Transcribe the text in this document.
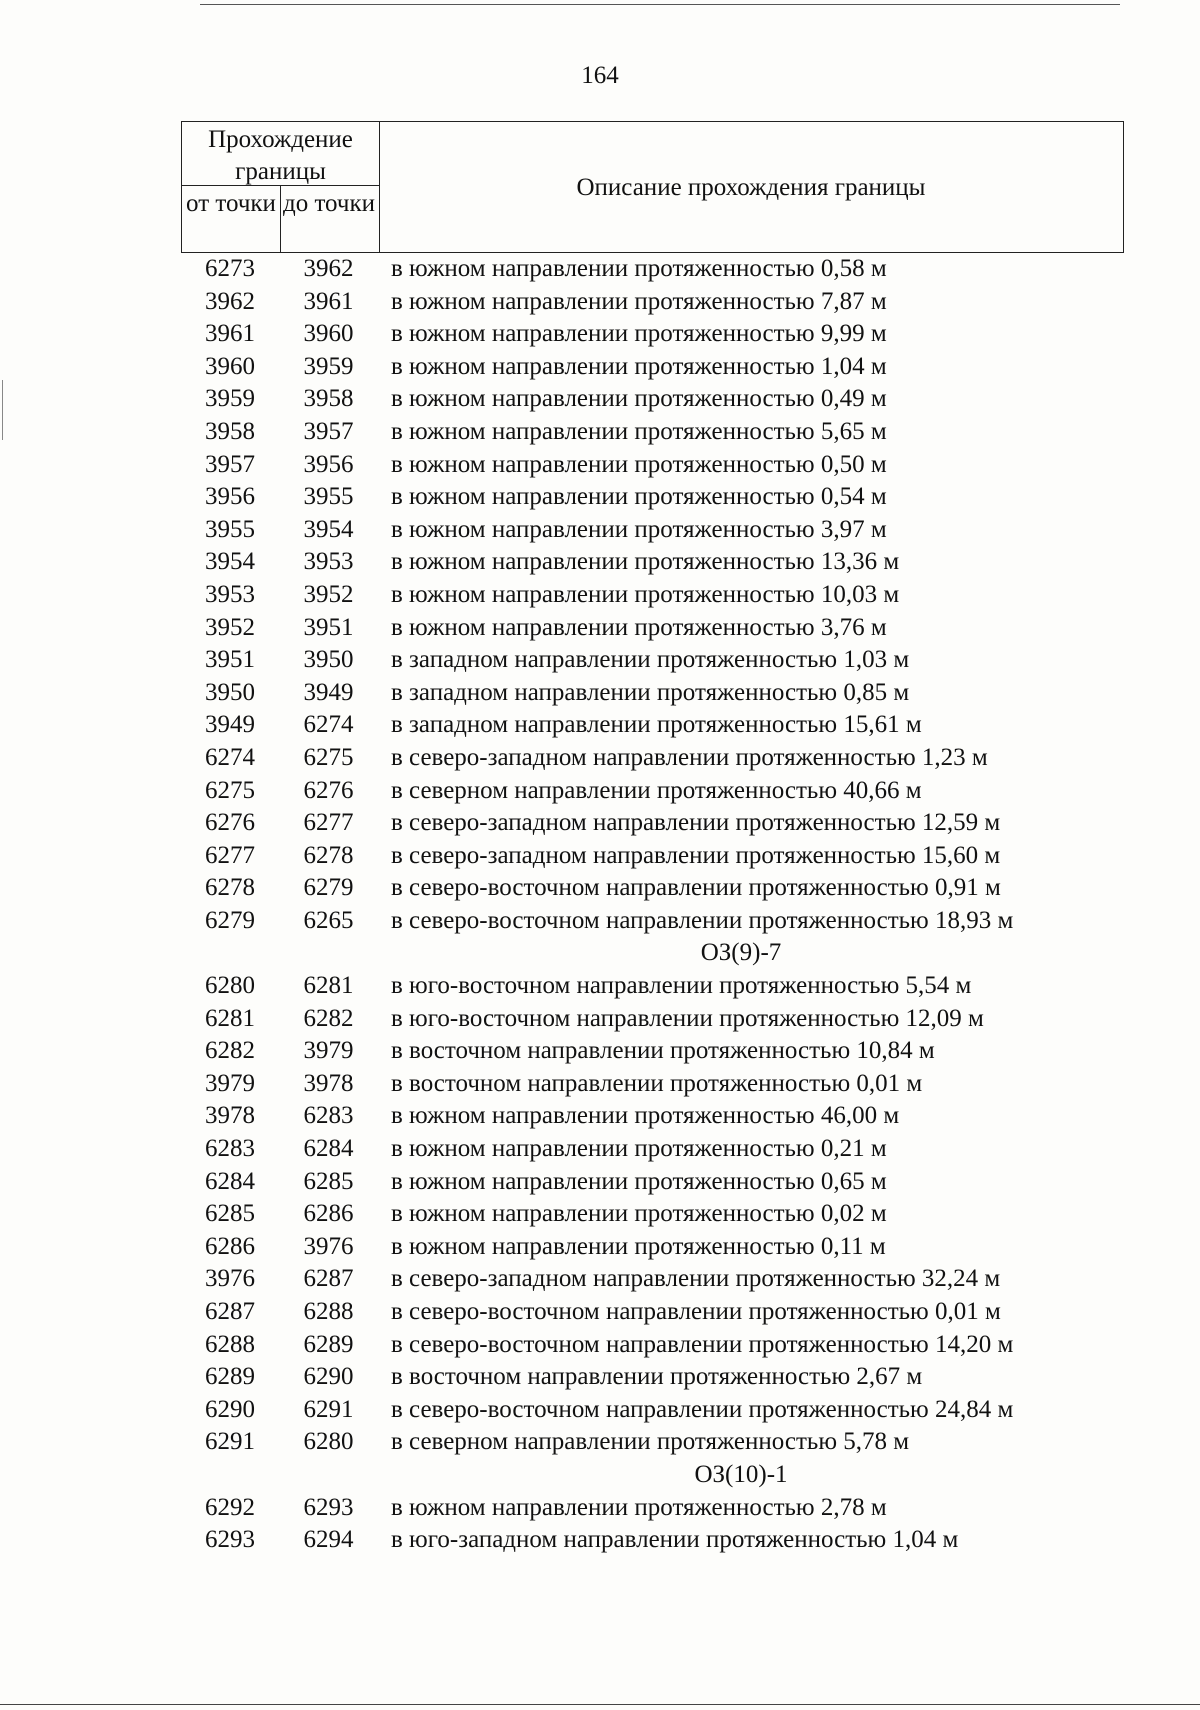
164
Прохождение границы
от точки до точки
Описание прохождения границы
6273	3962	в южном направлении протяженностью 0,58 м
3962	3961	в южном направлении протяженностью 7,87 м
3961	3960	в южном направлении протяженностью 9,99 м
3960	3959	в южном направлении протяженностью 1,04 м
3959	3958	в южном направлении протяженностью 0,49 м
3958	3957	в южном направлении протяженностью 5,65 м
3957	3956	в южном направлении протяженностью 0,50 м
3956	3955	в южном направлении протяженностью 0,54 м
3955	3954	в южном направлении протяженностью 3,97 м
3954	3953	в южном направлении протяженностью 13,36 м
3953	3952	в южном направлении протяженностью 10,03 м
3952	3951	в южном направлении протяженностью 3,76 м
3951	3950	в западном направлении протяженностью 1,03 м
3950	3949	в западном направлении протяженностью 0,85 м
3949	6274	в западном направлении протяженностью 15,61 м
6274	6275	в северо-западном направлении протяженностью 1,23 м
6275	6276	в северном направлении протяженностью 40,66 м
6276	6277	в северо-западном направлении протяженностью 12,59 м
6277	6278	в северо-западном направлении протяженностью 15,60 м
6278	6279	в северо-восточном направлении протяженностью 0,91 м
6279	6265	в северо-восточном направлении протяженностью 18,93 м
ОЗ(9)-7
6280	6281	в юго-восточном направлении протяженностью 5,54 м
6281	6282	в юго-восточном направлении протяженностью 12,09 м
6282	3979	в восточном направлении протяженностью 10,84 м
3979	3978	в восточном направлении протяженностью 0,01 м
3978	6283	в южном направлении протяженностью 46,00 м
6283	6284	в южном направлении протяженностью 0,21 м
6284	6285	в южном направлении протяженностью 0,65 м
6285	6286	в южном направлении протяженностью 0,02 м
6286	3976	в южном направлении протяженностью 0,11 м
3976	6287	в северо-западном направлении протяженностью 32,24 м
6287	6288	в северо-восточном направлении протяженностью 0,01 м
6288	6289	в северо-восточном направлении протяженностью 14,20 м
6289	6290	в восточном направлении протяженностью 2,67 м
6290	6291	в северо-восточном направлении протяженностью 24,84 м
6291	6280	в северном направлении протяженностью 5,78 м
ОЗ(10)-1
6292	6293	в южном направлении протяженностью 2,78 м
6293	6294	в юго-западном направлении протяженностью 1,04 м
